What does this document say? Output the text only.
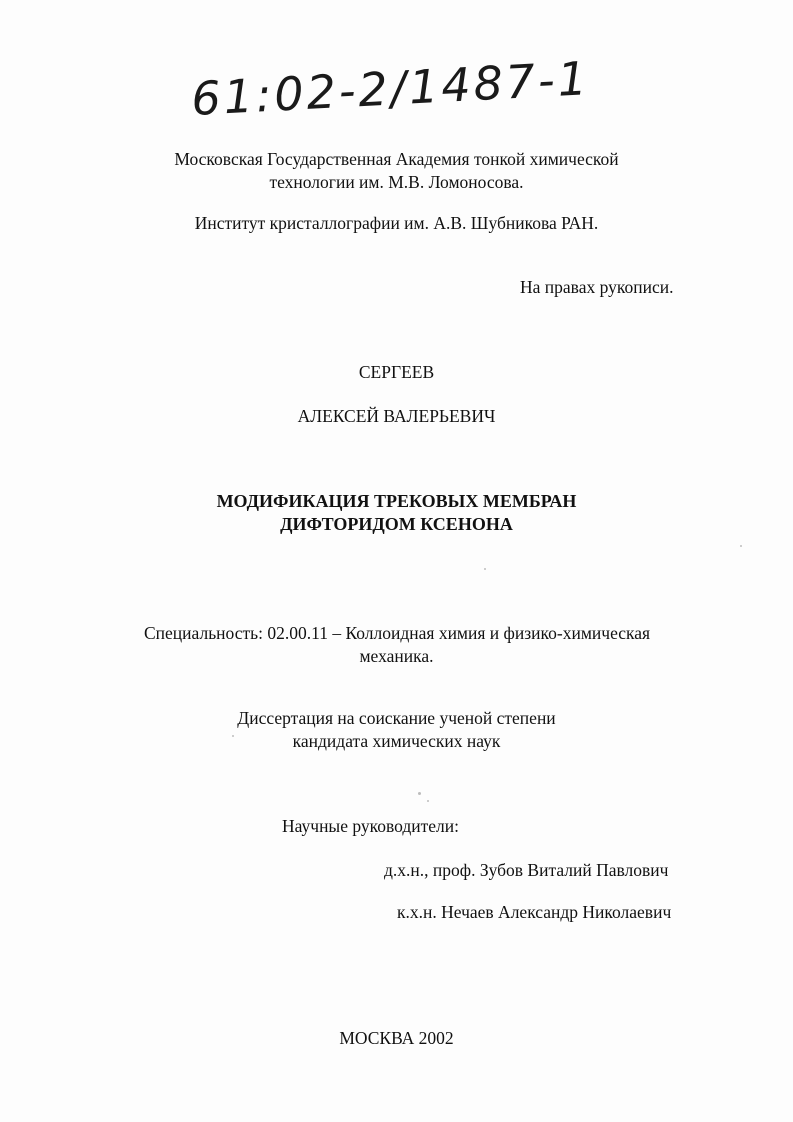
61:02-2/1487-1
Московская Государственная Академия тонкой химической
технологии им. М.В. Ломоносова.
Институт кристаллографии им. А.В. Шубникова РАН.
На правах рукописи.
СЕРГЕЕВ
АЛЕКСЕЙ ВАЛЕРЬЕВИЧ
МОДИФИКАЦИЯ ТРЕКОВЫХ МЕМБРАН
ДИФТОРИДОМ КСЕНОНА
Специальность: 02.00.11 – Коллоидная химия и физико-химическая
механика.
Диссертация на соискание ученой степени
кандидата химических наук
Научные руководители:
д.х.н., проф. Зубов Виталий Павлович
к.х.н. Нечаев Александр Николаевич
МОСКВА 2002
